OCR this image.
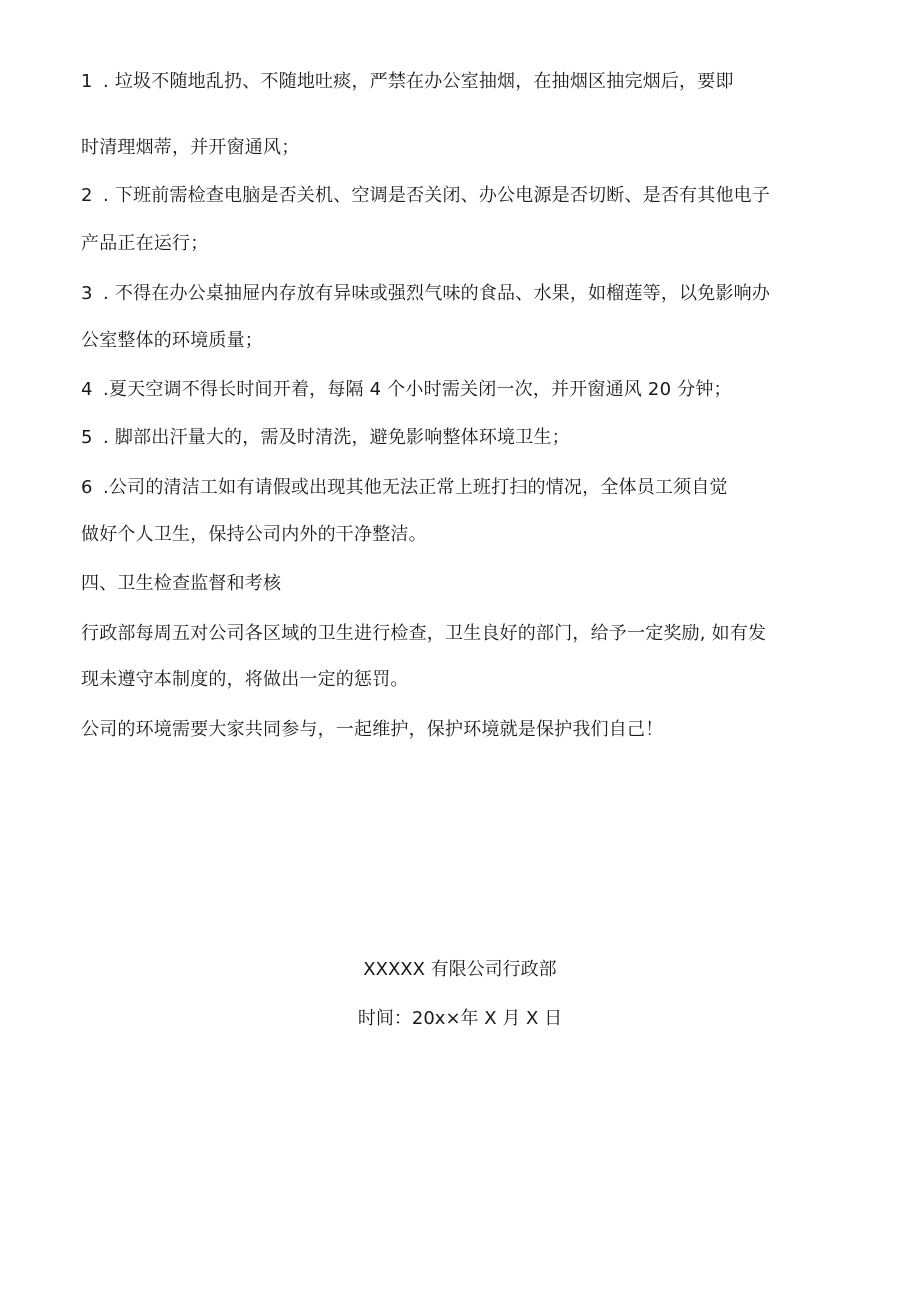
1 . 垃圾不随地乱扔、不随地吐痰，严禁在办公室抽烟，在抽烟区抽完烟后，要即
时清理烟蒂，并开窗通风；
2 . 下班前需检查电脑是否关机、空调是否关闭、办公电源是否切断、是否有其他电子
产品正在运行；
3 . 不得在办公桌抽屉内存放有异味或强烈气味的食品、水果，如榴莲等，以免影响办
公室整体的环境质量；
4 .夏天空调不得长时间开着，每隔 4 个小时需关闭一次，并开窗通风 20 分钟；
5 . 脚部出汗量大的，需及时清洗，避免影响整体环境卫生；
6 .公司的清洁工如有请假或出现其他无法正常上班打扫的情况，全体员工须自觉
做好个人卫生，保持公司内外的干净整洁。
四、卫生检查监督和考核
行政部每周五对公司各区域的卫生进行检查，卫生良好的部门，给予一定奖励, 如有发
现未遵守本制度的，将做出一定的惩罚。
公司的环境需要大家共同参与，一起维护，保护环境就是保护我们自己！
XXXXX 有限公司行政部
时间：20x×年 X 月 X 日
